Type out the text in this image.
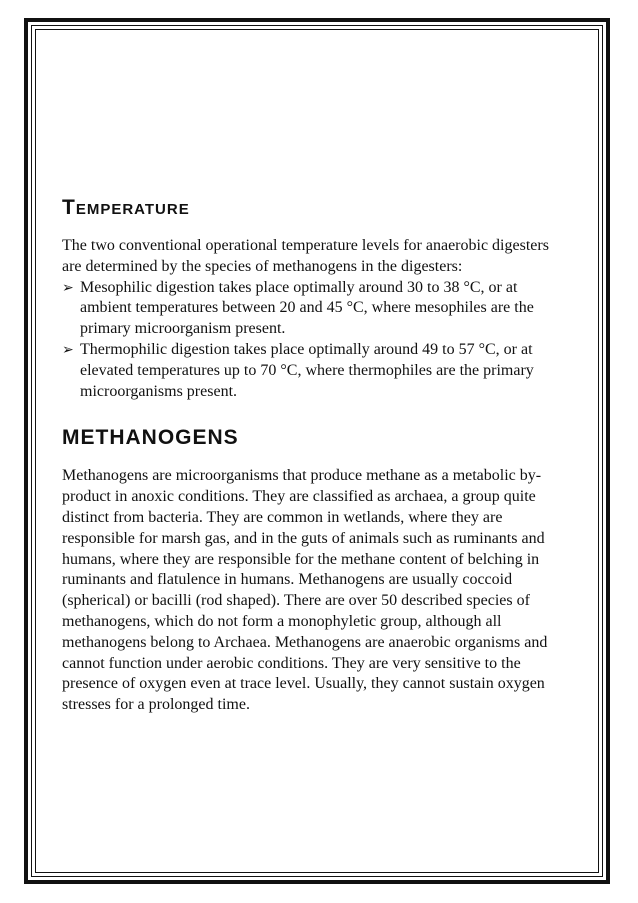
Temperature

The two conventional operational temperature levels for anaerobic digesters are determined by the species of methanogens in the digesters:

➢ Mesophilic digestion takes place optimally around 30 to 38 °C, or at ambient temperatures between 20 and 45 °C, where mesophiles are the primary microorganism present.
➢ Thermophilic digestion takes place optimally around 49 to 57 °C, or at elevated temperatures up to 70 °C, where thermophiles are the primary microorganisms present.
METHANOGENS

Methanogens are microorganisms that produce methane as a metabolic by-product in anoxic conditions. They are classified as archaea, a group quite distinct from bacteria. They are common in wetlands, where they are responsible for marsh gas, and in the guts of animals such as ruminants and humans, where they are responsible for the methane content of belching in ruminants and flatulence in humans. Methanogens are usually coccoid (spherical) or bacilli (rod shaped). There are over 50 described species of methanogens, which do not form a monophyletic group, although all methanogens belong to Archaea. Methanogens are anaerobic organisms and cannot function under aerobic conditions. They are very sensitive to the presence of oxygen even at trace level. Usually, they cannot sustain oxygen stresses for a prolonged time.
